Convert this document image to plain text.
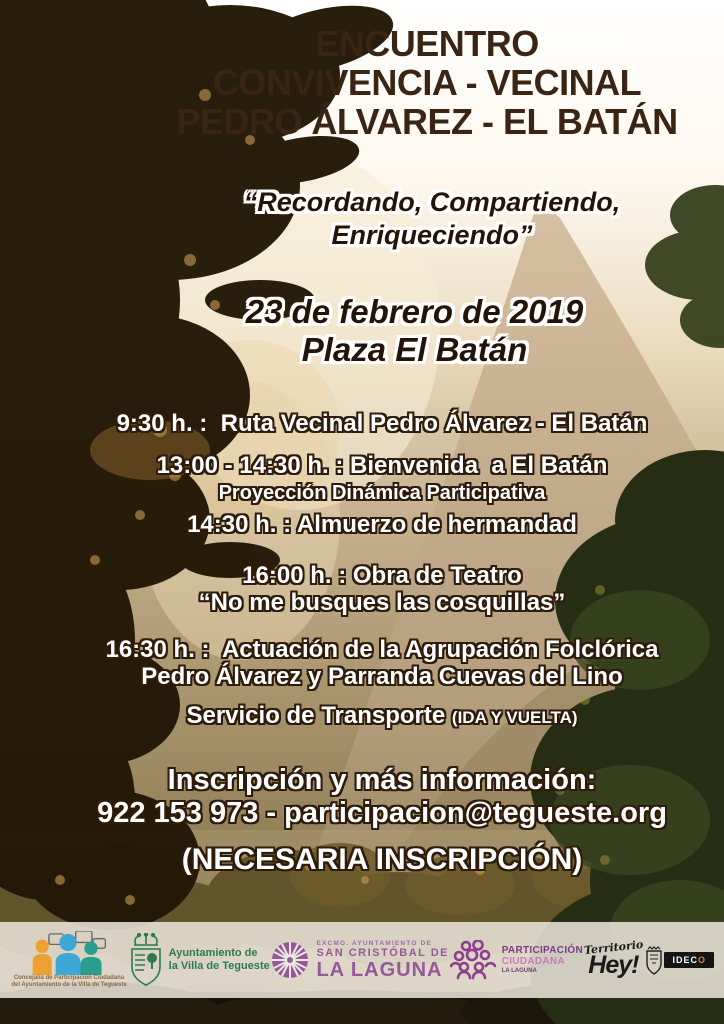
ENCUENTRO
CONVIVENCIA - VECINAL
PEDRO ÁLVAREZ - EL BATÁN

“Recordando, Compartiendo,
Enriqueciendo”

23 de febrero de 2019
Plaza El Batán

9:30 h. :  Ruta Vecinal Pedro Álvarez - El Batán

13:00 - 14:30 h. : Bienvenida  a El Batán

Proyección Dinámica Participativa

14:30 h. : Almuerzo de hermandad

16:00 h. : Obra de Teatro

“No me busques las cosquillas”

16:30 h. :  Actuación de la Agrupación Folclórica

Pedro Álvarez y Parranda Cuevas del Lino

Servicio de Transporte (IDA Y VUELTA)

Inscripción y más información:

922 153 973 - participacion@tegueste.org

(NECESARIA INSCRIPCIÓN)

Concejalía de Participación Ciudadana
del Ayuntamiento de la Villa de Tegueste
Ayuntamiento de
la Villa de Tegueste
EXCMO. AYUNTAMIENTO DE
SAN CRISTÓBAL DE
LA LAGUNA
PARTICIPACIÓN
CIUDADANA
LA LAGUNA
Territorio
Hey!	IDECO
